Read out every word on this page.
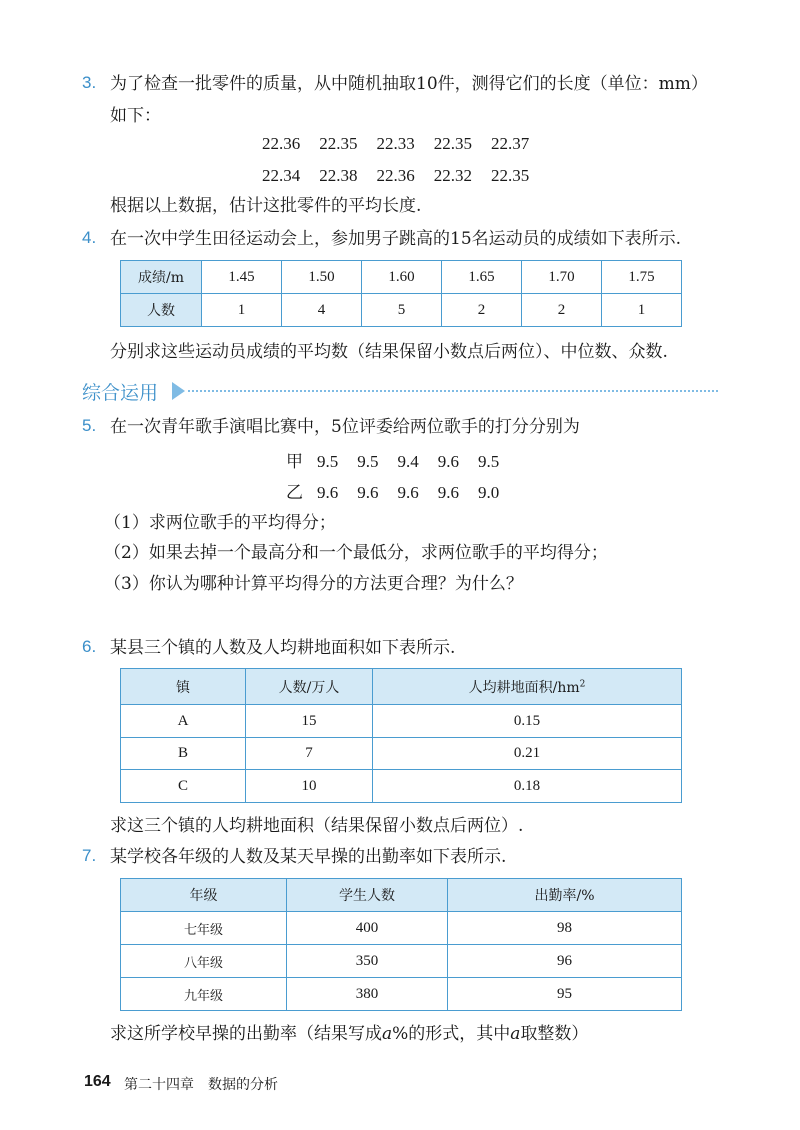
3. 为了检查一批零件的质量，从中随机抽取10件，测得它们的长度（单位：mm）
如下：
22.36 22.35 22.33 22.35 22.37
22.34 22.38 22.36 22.32 22.35
根据以上数据，估计这批零件的平均长度.
4. 在一次中学生田径运动会上，参加男子跳高的15名运动员的成绩如下表所示.
成绩/m	1.45	1.50	1.60	1.65	1.70	1.75
人数	1	4	5	2	2	1
分别求这些运动员成绩的平均数（结果保留小数点后两位）、中位数、众数.
综合运用
5. 在一次青年歌手演唱比赛中，5位评委给两位歌手的打分分别为
甲 9.5 9.5 9.4 9.6 9.5
乙 9.6 9.6 9.6 9.6 9.0
（1）求两位歌手的平均得分；
（2）如果去掉一个最高分和一个最低分，求两位歌手的平均得分；
（3）你认为哪种计算平均得分的方法更合理？为什么？
6. 某县三个镇的人数及人均耕地面积如下表所示.
镇	人数/万人	人均耕地面积$/hm^2$
A	15	0.15
B	7	0.21
C	10	0.18
求这三个镇的人均耕地面积（结果保留小数点后两位）.
7. 某学校各年级的人数及某天早操的出勤率如下表所示.
年级	学生人数	出勤率/%
七年级	400	98
八年级	350	96
九年级	380	95
求这所学校早操的出勤率（结果写成a%的形式，其中a取整数）
164 第二十四章 数据的分析
